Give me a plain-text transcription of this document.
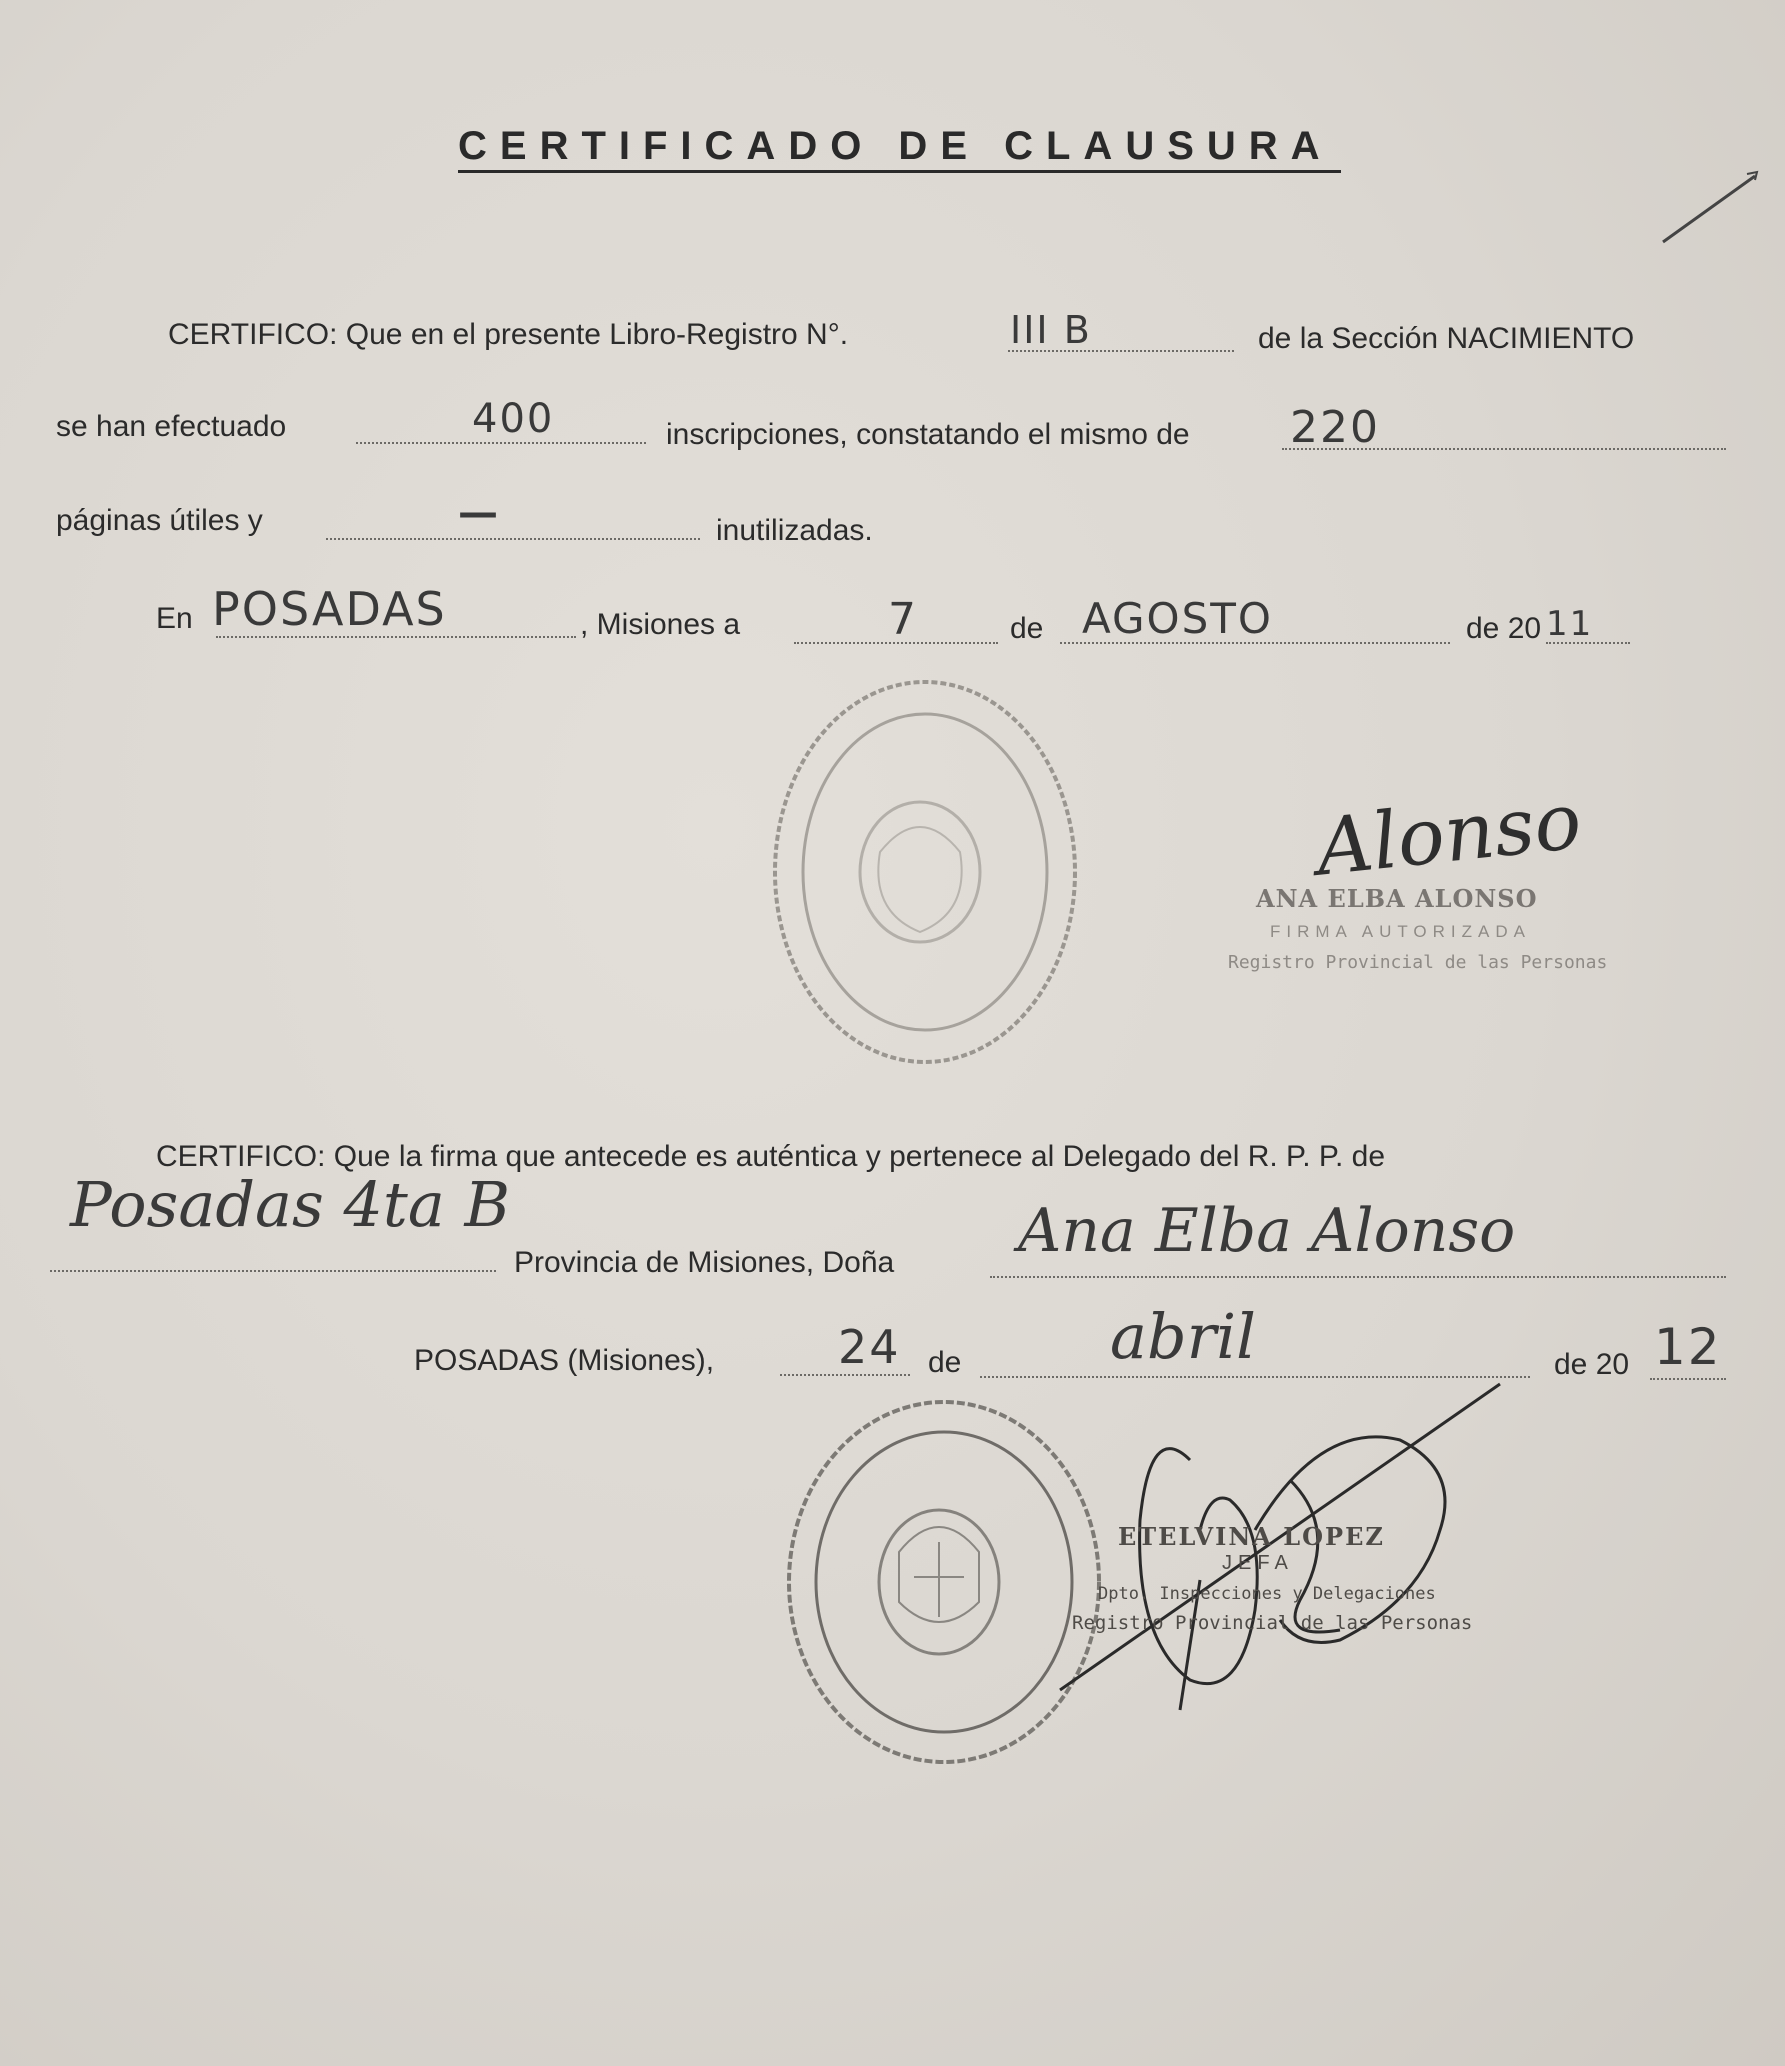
CERTIFICADO DE CLAUSURA
CERTIFICO: Que en el presente Libro-Registro N°.	III B	de la Sección NACIMIENTO
se han efectuado	400	inscripciones, constatando el mismo de 220
páginas útiles y	—	inutilizadas.
En POSADAS	, Misiones a	7	de AGOSTO	de 20 11
Alonso
ANA ELBA ALONSO
FIRMA AUTORIZADA
Registro Provincial de las Personas
CERTIFICO: Que la firma que antecede es auténtica y pertenece al Delegado del R. P. P. de
Posadas 4ta B
Provincia de Misiones, Doña Ana Elba Alonso
POSADAS (Misiones),	24 de abril	de 20 12
ETELVINA LOPEZ
JEFA
Dpto. Inspecciones y Delegaciones
Registro Provincial de las Personas
